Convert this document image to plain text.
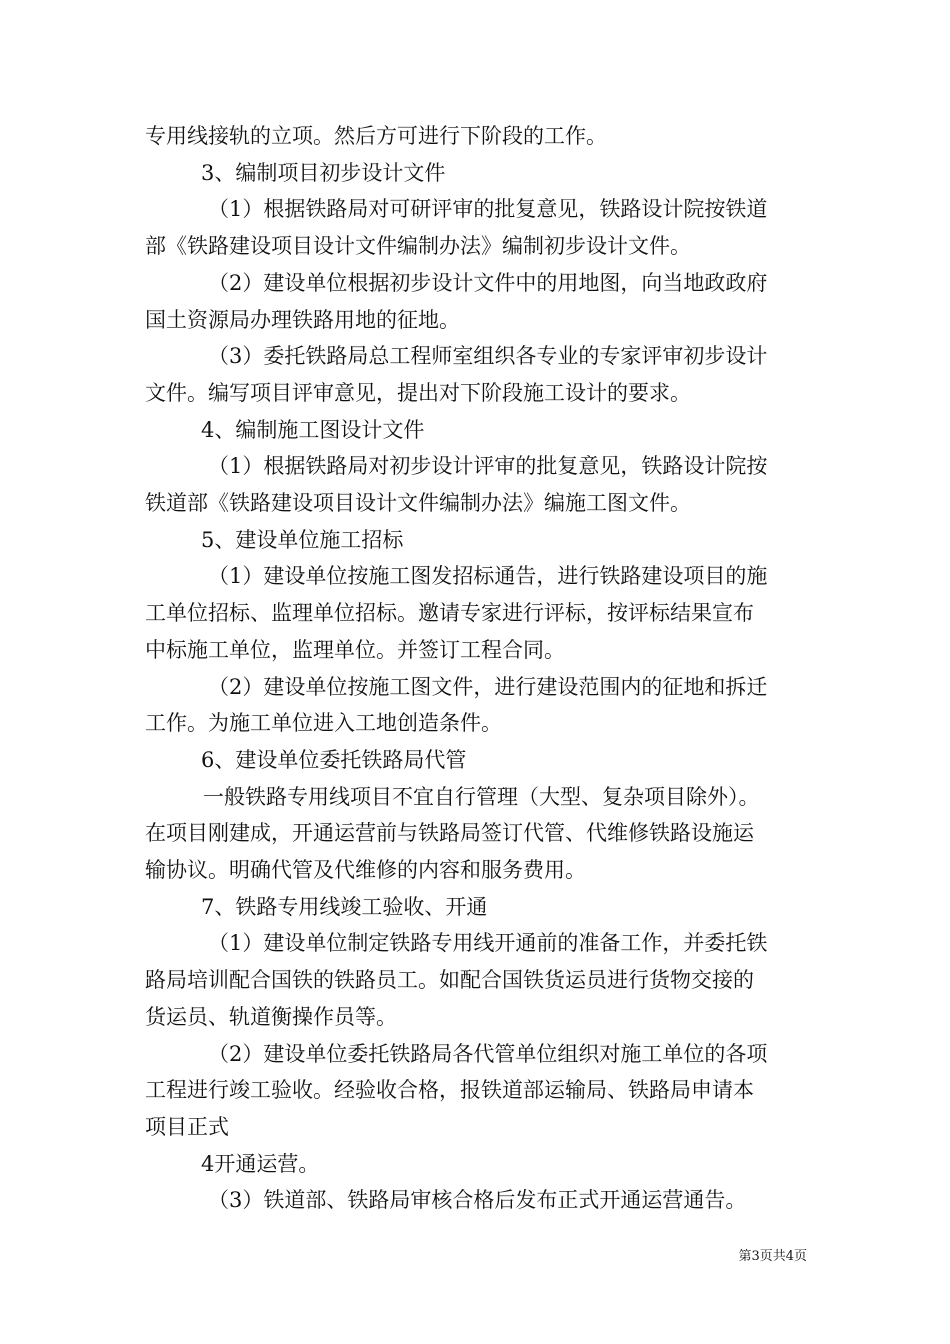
专用线接轨的立项。然后方可进行下阶段的工作。
3、编制项目初步设计文件
（1）根据铁路局对可研评审的批复意见，铁路设计院按铁道
部《铁路建设项目设计文件编制办法》编制初步设计文件。
（2）建设单位根据初步设计文件中的用地图，向当地政政府
国土资源局办理铁路用地的征地。
（3）委托铁路局总工程师室组织各专业的专家评审初步设计
文件。编写项目评审意见，提出对下阶段施工设计的要求。
4、编制施工图设计文件
（1）根据铁路局对初步设计评审的批复意见，铁路设计院按
铁道部《铁路建设项目设计文件编制办法》编施工图文件。
5、建设单位施工招标
（1）建设单位按施工图发招标通告，进行铁路建设项目的施
工单位招标、监理单位招标。邀请专家进行评标，按评标结果宣布
中标施工单位，监理单位。并签订工程合同。
（2）建设单位按施工图文件，进行建设范围内的征地和拆迁
工作。为施工单位进入工地创造条件。
6、建设单位委托铁路局代管
一般铁路专用线项目不宜自行管理（大型、复杂项目除外）。
在项目刚建成，开通运营前与铁路局签订代管、代维修铁路设施运
输协议。明确代管及代维修的内容和服务费用。
7、铁路专用线竣工验收、开通
（1）建设单位制定铁路专用线开通前的准备工作，并委托铁
路局培训配合国铁的铁路员工。如配合国铁货运员进行货物交接的
货运员、轨道衡操作员等。
（2）建设单位委托铁路局各代管单位组织对施工单位的各项
工程进行竣工验收。经验收合格，报铁道部运输局、铁路局申请本
项目正式
4开通运营。
（3）铁道部、铁路局审核合格后发布正式开通运营通告。
第3页共4页
